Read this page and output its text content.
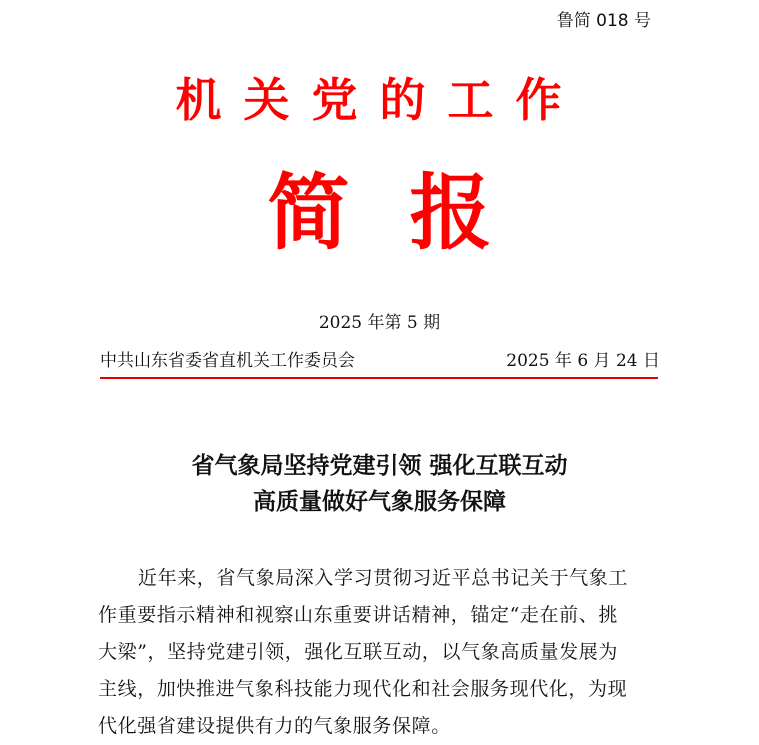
鲁简 018 号
机关党的工作
简报
2025 年第 5 期
中共山东省委省直机关工作委员会	2025 年 6 月 24 日
省气象局坚持党建引领 强化互联互动
高质量做好气象服务保障
近年来，省气象局深入学习贯彻习近平总书记关于气象工
作重要指示精神和视察山东重要讲话精神，锚定“走在前、挑
大梁”，坚持党建引领，强化互联互动，以气象高质量发展为
主线，加快推进气象科技能力现代化和社会服务现代化，为现
代化强省建设提供有力的气象服务保障。
